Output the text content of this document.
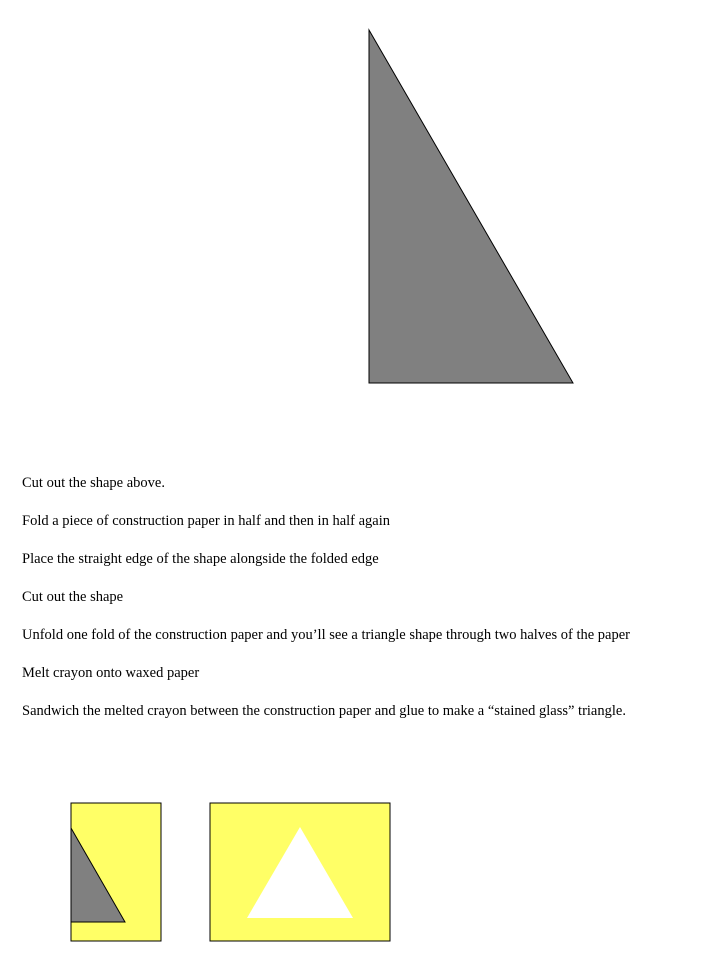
Cut out the shape above.

Fold a piece of construction paper in half and then in half again

Place the straight edge of the shape alongside the folded edge

Cut out the shape

Unfold one fold of the construction paper and you’ll see a triangle shape through two halves of the paper

Melt crayon onto waxed paper

Sandwich the melted crayon between the construction paper and glue to make a “stained glass” triangle.
